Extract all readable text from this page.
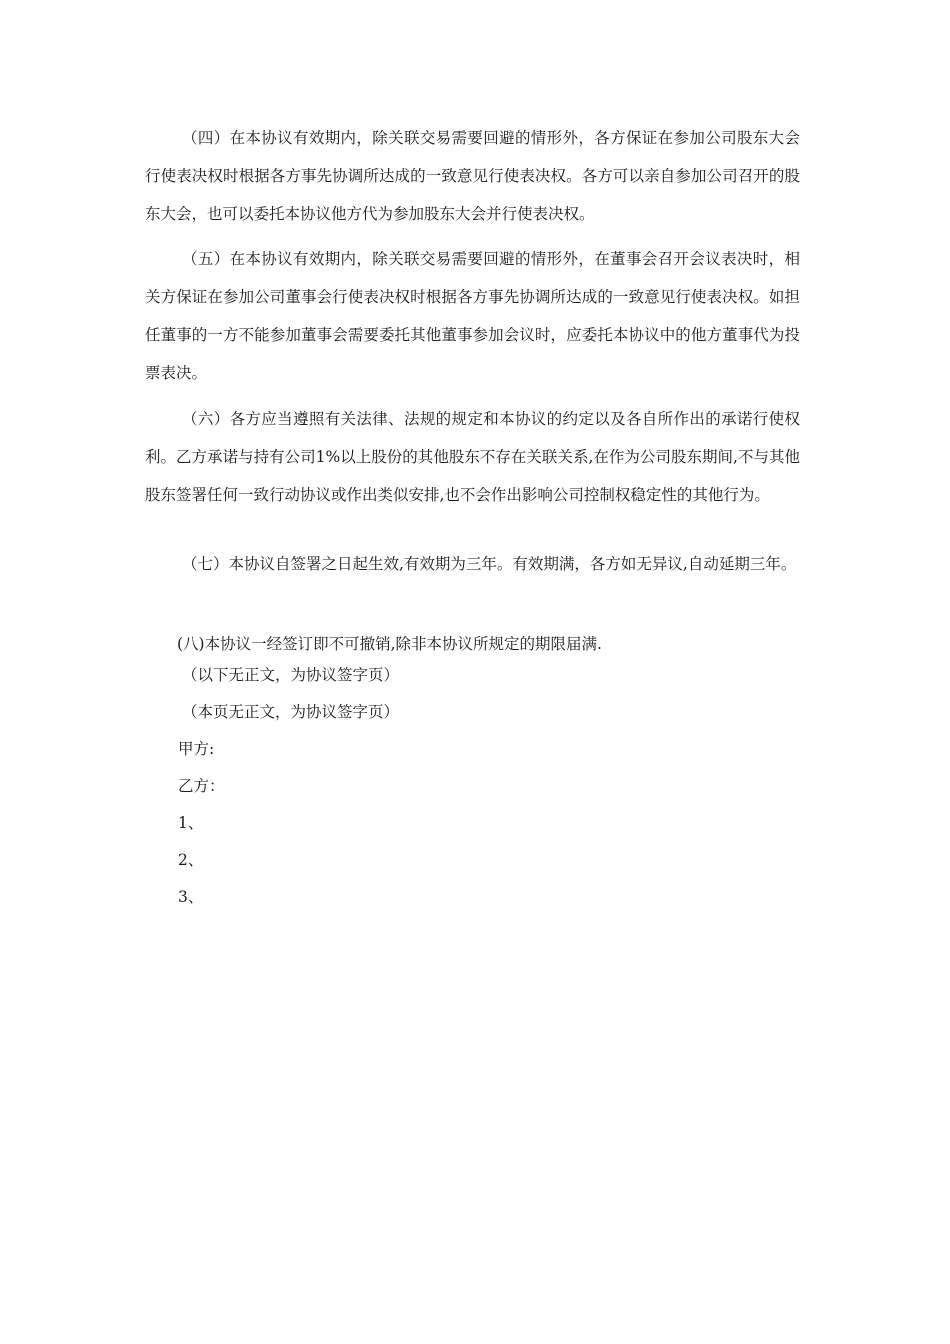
（四）在本协议有效期内，除关联交易需要回避的情形外，各方保证在参加公司股东大会行使表决权时根据各方事先协调所达成的一致意见行使表决权。各方可以亲自参加公司召开的股东大会，也可以委托本协议他方代为参加股东大会并行使表决权。

（五）在本协议有效期内，除关联交易需要回避的情形外，在董事会召开会议表决时，相关方保证在参加公司董事会行使表决权时根据各方事先协调所达成的一致意见行使表决权。如担任董事的一方不能参加董事会需要委托其他董事参加会议时，应委托本协议中的他方董事代为投票表决。

（六）各方应当遵照有关法律、法规的规定和本协议的约定以及各自所作出的承诺行使权利。乙方承诺与持有公司1%以上股份的其他股东不存在关联关系,在作为公司股东期间,不与其他股东签署任何一致行动协议或作出类似安排,也不会作出影响公司控制权稳定性的其他行为。

（七）本协议自签署之日起生效,有效期为三年。有效期满，各方如无异议,自动延期三年。

(八)本协议一经签订即不可撤销,除非本协议所规定的期限届满.

（以下无正文，为协议签字页）

（本页无正文，为协议签字页）

甲方:

乙方：

1、

2、

3、
